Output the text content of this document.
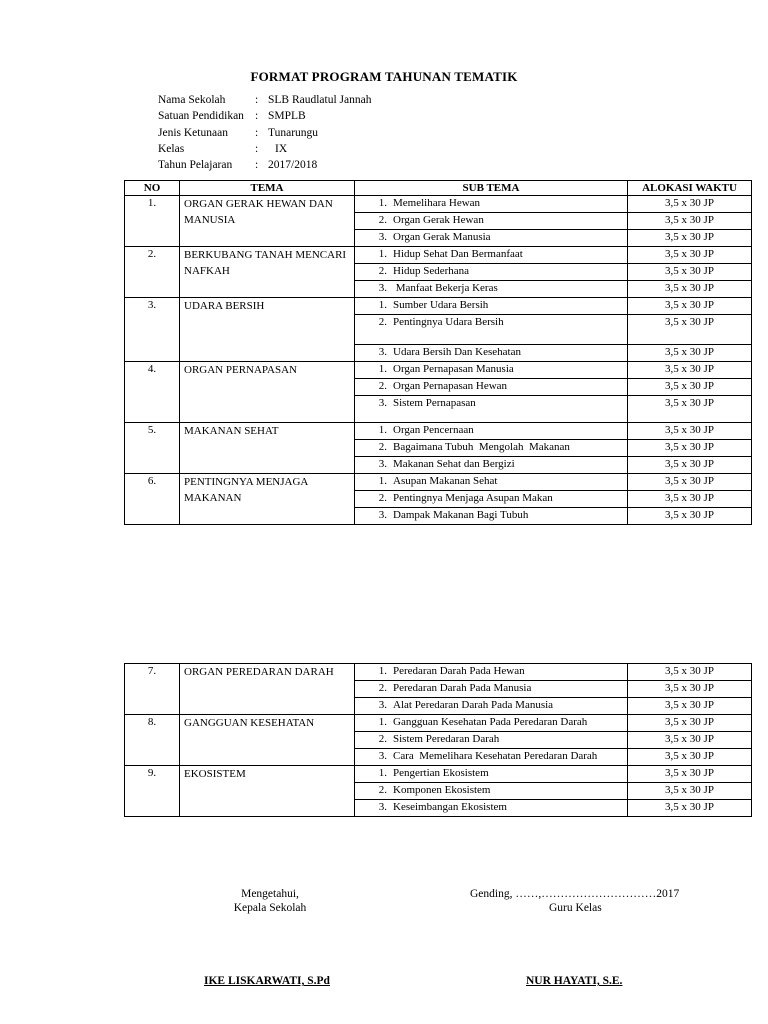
FORMAT PROGRAM TAHUNAN TEMATIK
Nama Sekolah	: SLB Raudlatul Jannah
Satuan Pendidikan : SMPLB
Jenis Ketunaan	: Tunarungu
Kelas	:	IX
Tahun Pelajaran	: 2017/2018
NO	TEMA	SUB TEMA	ALOKASI WAKTU
1.	ORGAN GERAK HEWAN DAN MANUSIA	1. Memelihara Hewan	3,5 x 30 JP
		2. Organ Gerak Hewan	3,5 x 30 JP
		3. Organ Gerak Manusia	3,5 x 30 JP
2.	BERKUBANG TANAH MENCARI NAFKAH	1. Hidup Sehat Dan Bermanfaat	3,5 x 30 JP
		2. Hidup Sederhana	3,5 x 30 JP
		3. Manfaat Bekerja Keras	3,5 x 30 JP
3.	UDARA BERSIH	1. Sumber Udara Bersih	3,5 x 30 JP
		2. Pentingnya Udara Bersih	3,5 x 30 JP
		3. Udara Bersih Dan Kesehatan	3,5 x 30 JP
4.	ORGAN PERNAPASAN	1. Organ Pernapasan Manusia	3,5 x 30 JP
		2. Organ Pernapasan Hewan	3,5 x 30 JP
		3. Sistem Pernapasan	3,5 x 30 JP
5.	MAKANAN SEHAT	1. Organ Pencernaan	3,5 x 30 JP
		2. Bagaimana Tubuh  Mengolah  Makanan	3,5 x 30 JP
		3. Makanan Sehat dan Bergizi	3,5 x 30 JP
6.	PENTINGNYA MENJAGA MAKANAN	1. Asupan Makanan Sehat	3,5 x 30 JP
		2. Pentingnya Menjaga Asupan Makan	3,5 x 30 JP
		3. Dampak Makanan Bagi Tubuh	3,5 x 30 JP
7.	ORGAN PEREDARAN DARAH	1. Peredaran Darah Pada Hewan	3,5 x 30 JP
		2. Peredaran Darah Pada Manusia	3,5 x 30 JP
		3. Alat Peredaran Darah Pada Manusia	3,5 x 30 JP
8.	GANGGUAN KESEHATAN	1. Gangguan Kesehatan Pada Peredaran Darah	3,5 x 30 JP
		2. Sistem Peredaran Darah	3,5 x 30 JP
		3. Cara  Memelihara Kesehatan Peredaran Darah	3,5 x 30 JP
9.	EKOSISTEM	1. Pengertian Ekosistem	3,5 x 30 JP
		2. Komponen Ekosistem	3,5 x 30 JP
		3. Keseimbangan Ekosistem	3,5 x 30 JP
Mengetahui,
Kepala Sekolah
Gending, ……,…………………………2017
Guru Kelas
IKE LISKARWATI, S.Pd	NUR HAYATI, S.E.
